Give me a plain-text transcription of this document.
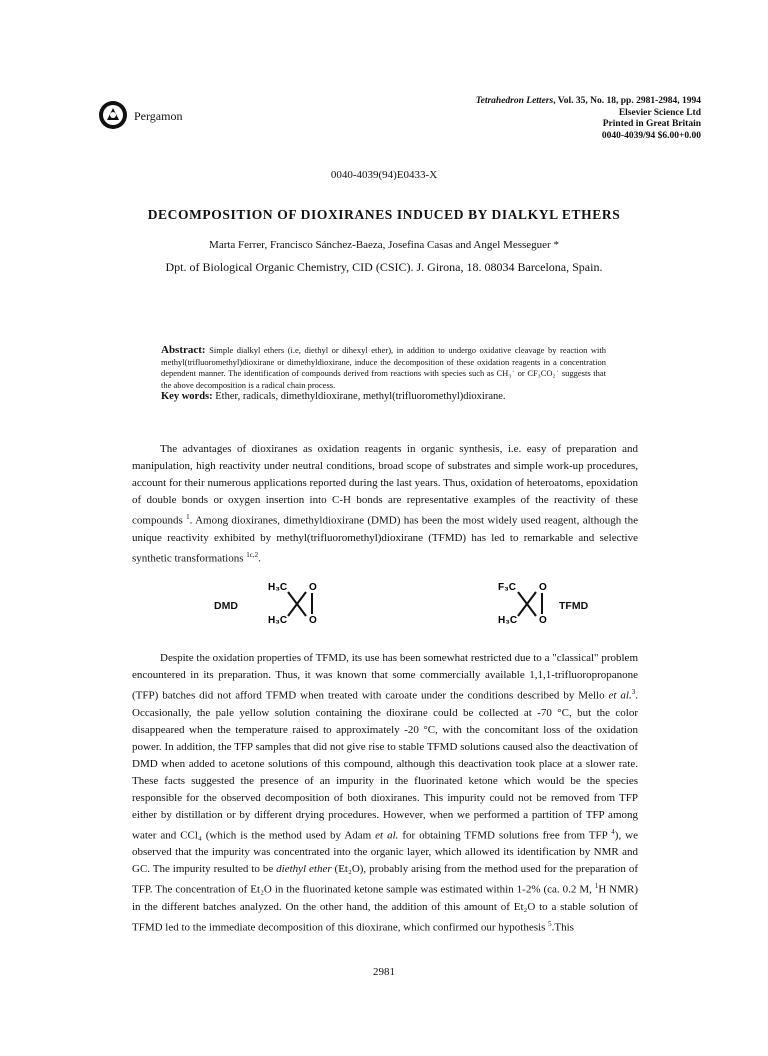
Pergamon
Tetrahedron Letters, Vol. 35, No. 18, pp. 2981-2984, 1994
Elsevier Science Ltd
Printed in Great Britain
0040-4039/94 $6.00+0.00
0040-4039(94)E0433-X
DECOMPOSITION OF DIOXIRANES INDUCED BY DIALKYL ETHERS
Marta Ferrer, Francisco Sánchez-Baeza, Josefina Casas and Angel Messeguer *
Dpt. of Biological Organic Chemistry, CID (CSIC). J. Girona, 18. 08034 Barcelona, Spain.
Abstract: Simple dialkyl ethers (i.e, diethyl or dihexyl ether), in addition to undergo oxidative cleavage by reaction with methyl(trifluoromethyl)dioxirane or dimethyldioxirane, induce the decomposition of these oxidation reagents in a concentration dependent manner. The identification of compounds derived from reactions with species such as CH₃˙ or CF₃CO₂˙ suggests that the above decomposition is a radical chain process.
Key words: Ether, radicals, dimethyldioxirane, methyl(trifluoromethyl)dioxirane.

The advantages of dioxiranes as oxidation reagents in organic synthesis, i.e. easy of preparation and manipulation, high reactivity under neutral conditions, broad scope of substrates and simple work-up procedures, account for their numerous applications reported during the last years. Thus, oxidation of heteroatoms, epoxidation of double bonds or oxygen insertion into C-H bonds are representative examples of the reactivity of these compounds $^1$. Among dioxiranes, dimethyldioxirane (DMD) has been the most widely used reagent, although the unique reactivity exhibited by methyl(trifluoromethyl)dioxirane (TFMD) has led to remarkable and selective synthetic transformations $^{1c,2}$.

DMD
H₃C
H₃C
O
O
F₃C
H₃C
O
O
TFMD

Despite the oxidation properties of TFMD, its use has been somewhat restricted due to a "classical" problem encountered in its preparation. Thus, it was known that some commercially available 1,1,1-trifluoropropanone (TFP) batches did not afford TFMD when treated with caroate under the conditions described by Mello et al.$^3$. Occasionally, the pale yellow solution containing the dioxirane could be collected at -70 °C, but the color disappeared when the temperature raised to approximately -20 °C, with the concomitant loss of the oxidation power. In addition, the TFP samples that did not give rise to stable TFMD solutions caused also the deactivation of DMD when added to acetone solutions of this compound, although this deactivation took place at a slower rate. These facts suggested the presence of an impurity in the fluorinated ketone which would be the species responsible for the observed decomposition of both dioxiranes. This impurity could not be removed from TFP either by distillation or by different drying procedures. However, when we performed a partition of TFP among water and CCl₄ (which is the method used by Adam et al. for obtaining TFMD solutions free from TFP $^4$), we observed that the impurity was concentrated into the organic layer, which allowed its identification by NMR and GC. The impurity resulted to be diethyl ether (Et₂O), probably arising from the method used for the preparation of TFP. The concentration of Et₂O in the fluorinated ketone sample was estimated within 1-2% (ca. 0.2 M, $^1$H NMR) in the different batches analyzed. On the other hand, the addition of this amount of Et₂O to a stable solution of TFMD led to the immediate decomposition of this dioxirane, which confirmed our hypothesis $^5$.This

2981
